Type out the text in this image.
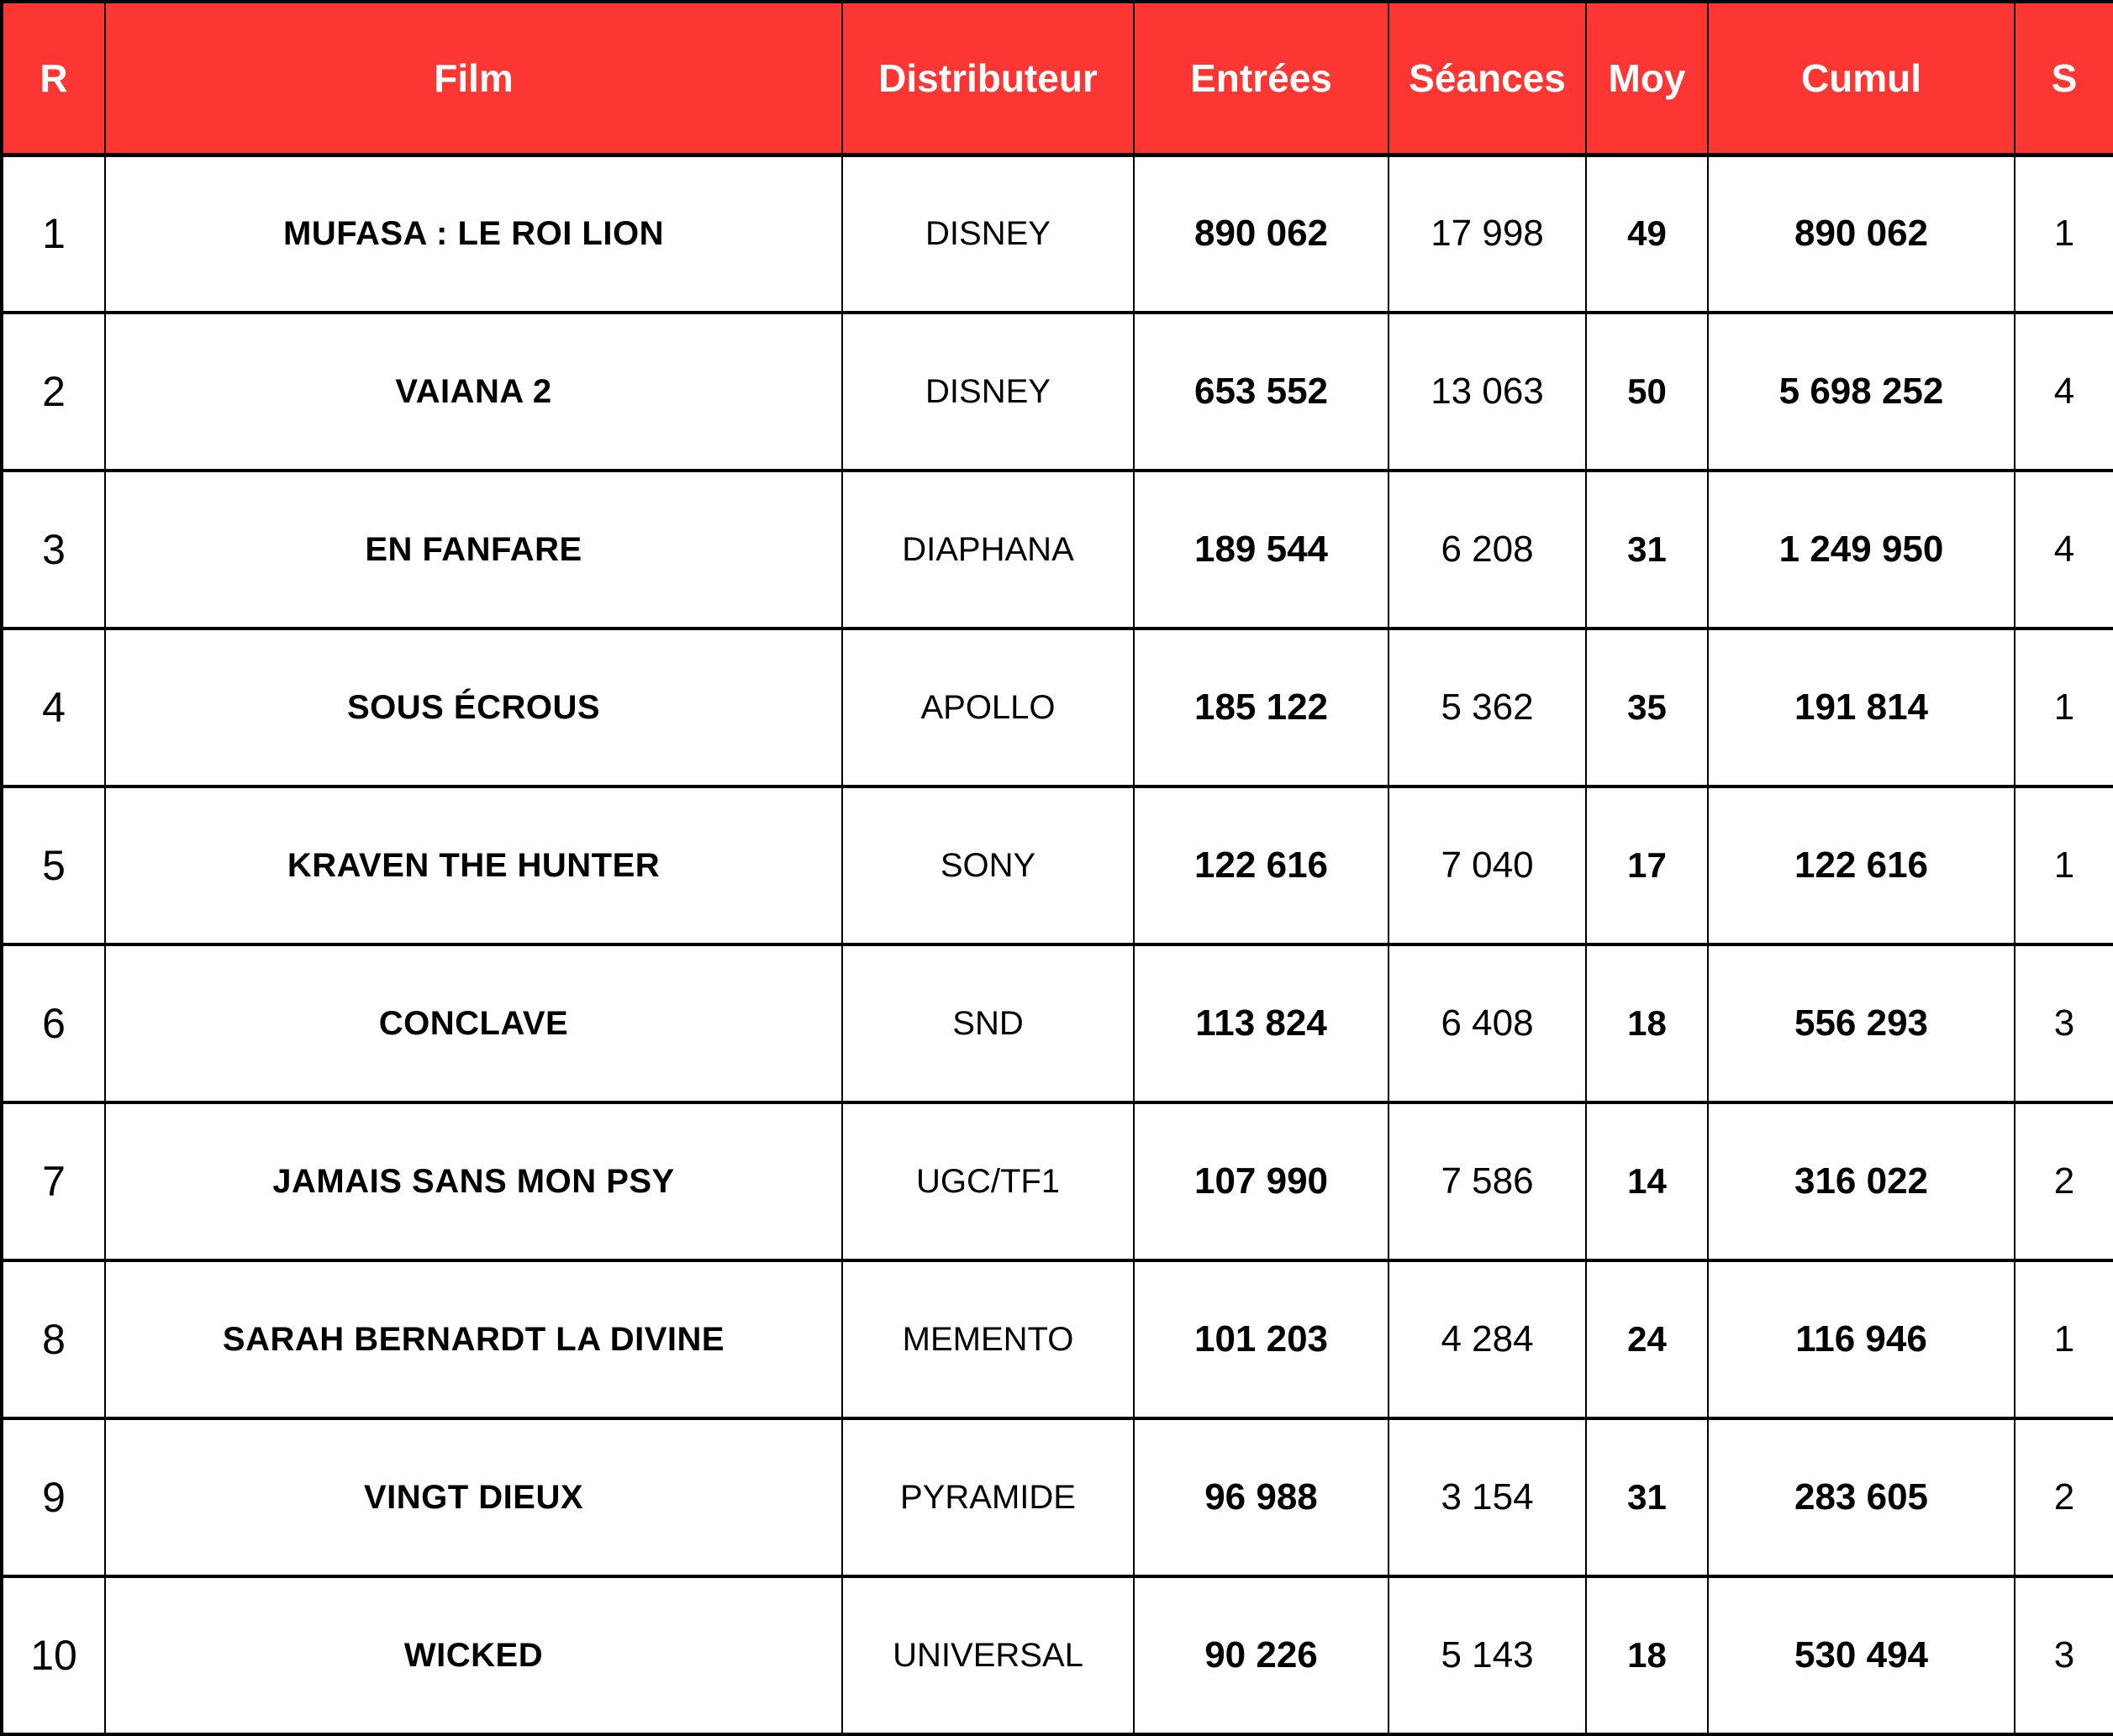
R	Film	Distributeur	Entrées	Séances	Moy	Cumul	S
1	MUFASA : LE ROI LION	DISNEY	890 062	17 998	49	890 062	1
2	VAIANA 2	DISNEY	653 552	13 063	50	5 698 252	4
3	EN FANFARE	DIAPHANA	189 544	6 208	31	1 249 950	4
4	SOUS ÉCROUS	APOLLO	185 122	5 362	35	191 814	1
5	KRAVEN THE HUNTER	SONY	122 616	7 040	17	122 616	1
6	CONCLAVE	SND	113 824	6 408	18	556 293	3
7	JAMAIS SANS MON PSY	UGC/TF1	107 990	7 586	14	316 022	2
8	SARAH BERNARDT LA DIVINE	MEMENTO	101 203	4 284	24	116 946	1
9	VINGT DIEUX	PYRAMIDE	96 988	3 154	31	283 605	2
10	WICKED	UNIVERSAL	90 226	5 143	18	530 494	3
